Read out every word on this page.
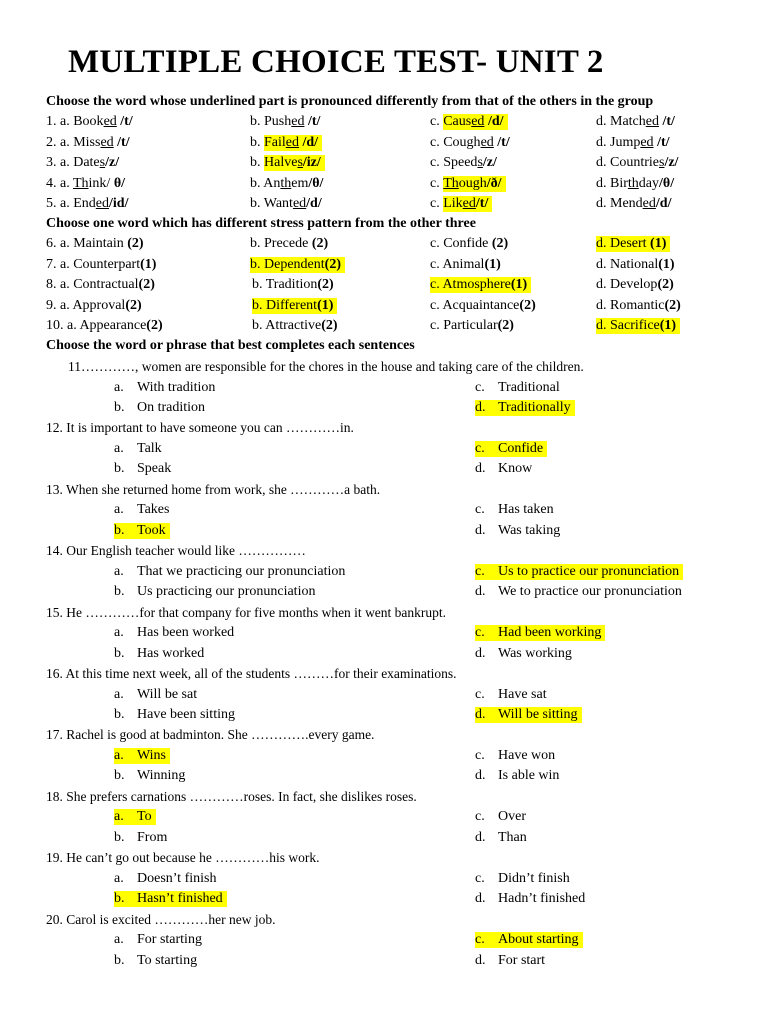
MULTIPLE CHOICE TEST- UNIT 2
Choose the word whose underlined part is pronounced differently from that of the others in the group
1. a. Booked /t/	b. Pushed /t/	c. Caused /d/	d. Matched /t/
2. a. Missed /t/	b. Failed /d/	c. Coughed /t/	d. Jumped /t/
3. a. Dates/z/	b. Halves/iz/	c. Speeds/z/	d. Countries/z/
4. a. Think/ θ/	b. Anthem/θ/	c. Though/ð/	d. Birthday/θ/
5. a. Ended/id/	b. Wanted/d/	c. Liked/t/	d. Mended/d/
Choose one word which has different stress pattern from the other three
6. a. Maintain (2)	b. Precede (2)	c. Confide (2)	d. Desert (1)
7. a. Counterpart(1)	b. Dependent(2)	c. Animal(1)	d. National(1)
8. a. Contractual(2)	b. Tradition(2)	c. Atmosphere(1)	d. Develop(2)
9. a. Approval(2)	b. Different(1)	c. Acquaintance(2)	d. Romantic(2)
10. a. Appearance(2)	b. Attractive(2)	c. Particular(2)	d. Sacrifice(1)
Choose the word or phrase that best completes each sentences
11…………, women are responsible for the chores in the house and taking care of the children.
a. With tradition	c. Traditional
b. On tradition	d. Traditionally
12. It is important to have someone you can …………in.
a. Talk	c. Confide
b. Speak	d. Know
13. When she returned home from work, she …………a bath.
a. Takes	c. Has taken
b. Took	d. Was taking
14. Our English teacher would like ……………
a. That we practicing our pronunciation	c. Us to practice our pronunciation
b. Us practicing our pronunciation	d. We to practice our pronunciation
15. He …………for that company for five months when it went bankrupt.
a. Has been worked	c. Had been working
b. Has worked	d. Was working
16. At this time next week, all of the students ………for their examinations.
a. Will be sat	c. Have sat
b. Have been sitting	d. Will be sitting
17. Rachel is good at badminton. She ………….every game.
a. Wins	c. Have won
b. Winning	d. Is able win
18. She prefers carnations …………roses. In fact, she dislikes roses.
a. To	c. Over
b. From	d. Than
19. He can’t go out because he …………his work.
a. Doesn’t finish	c. Didn’t finish
b. Hasn’t finished	d. Hadn’t finished
20. Carol is excited …………her new job.
a. For starting	c. About starting
b. To starting	d. For start
